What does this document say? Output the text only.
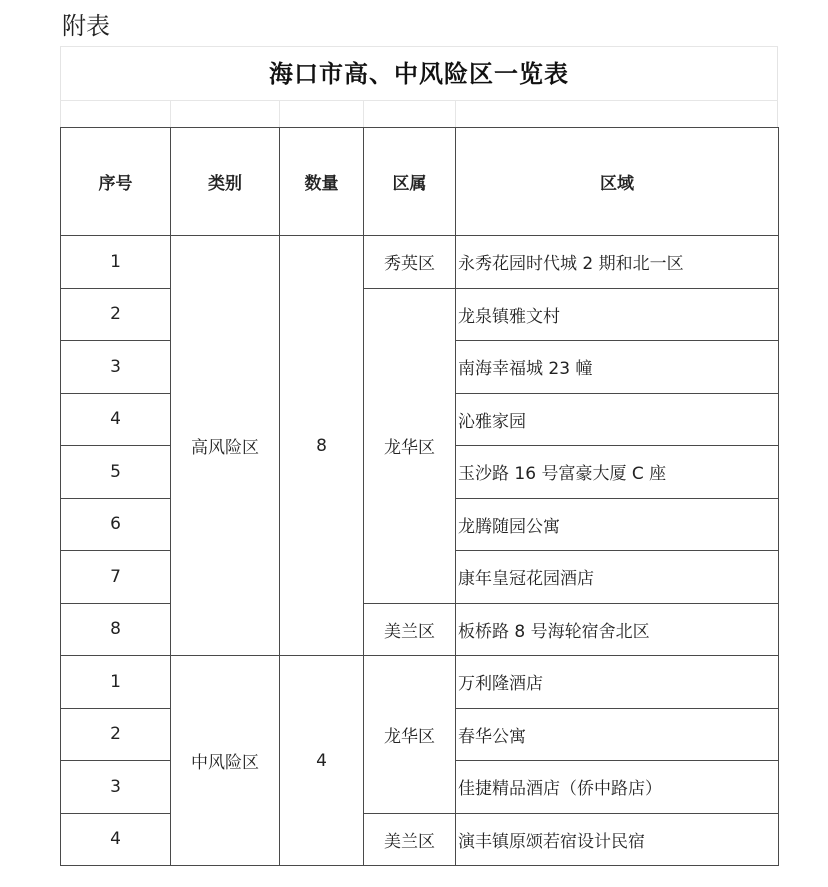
附表
海口市高、中风险区一览表
序号	类别	数量	区属	区域
1	高风险区	8	秀英区	永秀花园时代城 2 期和北一区
2			龙华区	龙泉镇雅文村
3				南海幸福城 23 幢
4				沁雅家园
5				玉沙路 16 号富豪大厦 C 座
6				龙腾随园公寓
7				康年皇冠花园酒店
8			美兰区	板桥路 8 号海轮宿舍北区
1	中风险区	4	龙华区	万利隆酒店
2				春华公寓
3				佳捷精品酒店（侨中路店）
4			美兰区	演丰镇原颂若宿设计民宿
